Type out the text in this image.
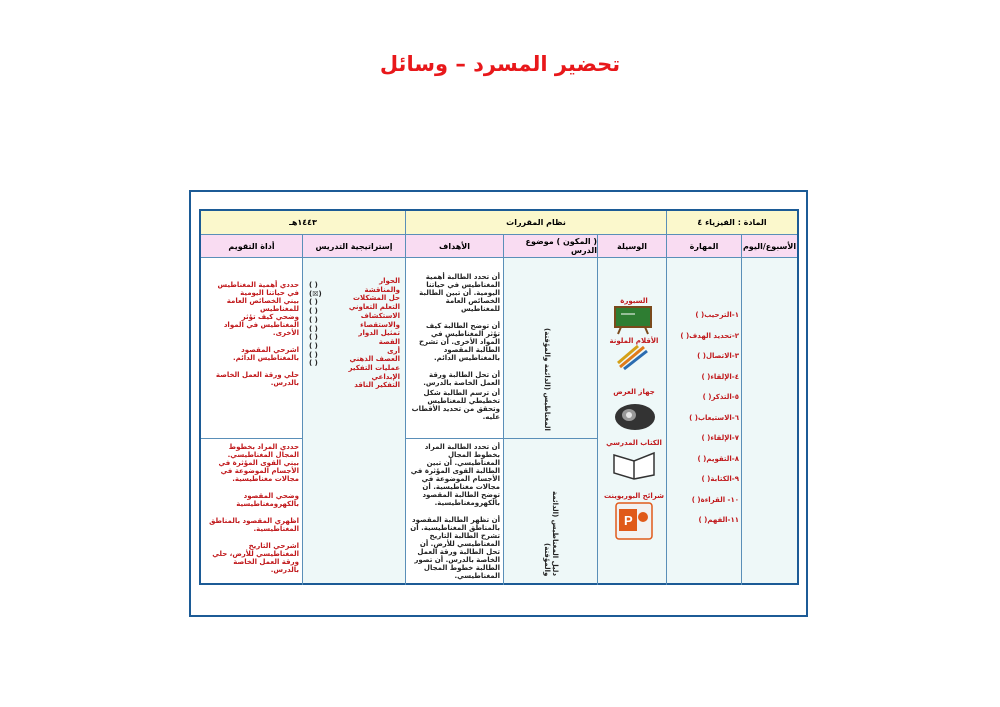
تحضير المسرد – وسائل
المادة : الفيزياء ٤
نظام المقررات
١٤٤٣هـ
الأسبوع/اليوم
المهارة
الوسيلة
( المكون ) موضوع الدرس
الأهداف
إستراتيجية التدريس
أداة التقويم
١-الترحيب( )
٢-تحديد الهدف( )
٣-الاتصال( )
٤-الإلقاء( )
٥-التذكر( )
٦-الاستيعاب( )
٧-الإلقاء( )
٨-التقويم( )
٩-الكتابة( )
١٠- القراءة( )
١١-الفهم( )
السبورة
الأقلام الملونة
جهاز العرض
الكتاب المدرسي
شرائح البوربوينت
P
المغناطيس (الدائمة والمؤقتة)
دليل المغناطيس (الدائمة والمؤقتة)

أن تحدد الطالبة أهمية المغناطيس في حياتنا اليومية. أن تبين الطالبة الخصائص العامة للمغناطيس

أن توضح الطالبة كيف تؤثر المغناطيس في المواد الأخرى. أن تشرح الطالبة المقصود بالمغناطيس الدائم.

أن تحل الطالبة ورقة العمل الخاصة بالدرس.

أن ترسم الطالبة شكل تخطيطي للمغناطيس وتحقق من تحديد الأقطاب عليه.

أن تحدد الطالبة المراد بخطوط المجال المغناطيسي. أن تبين الطالبة القوى المؤثرة في الأجسام الموضوعة في مجالات مغناطيسية. أن توضح الطالبة المقصود بالكهرومغناطيسية.

أن تظهر الطالبة المقصود بالمناطق المغناطيسية. أن تشرح الطالبة التاريخ المغناطيسي للأرض. أن تحل الطالبة ورقة العمل الخاصة بالدرس. أن تصور الطالبة خطوط المجال المغناطيسي.

الحوار والمناقشة
حل المشكلات
التعلم التعاوني
الاستكشاف
والاستقصاء
تمثيل الدوار
القصة
أرى
العصف الذهني
عمليات التفكير
الإبداعي
التفكير الناقد
( )
(☒)
( )
( )
( )
( )
( )
( )
( )
( )

حددي أهمية المغناطيس في حياتنا اليومية

بيني الخصائص العامة للمغناطيس

وضحي كيف تؤثر المغناطيس في المواد الأخرى.

اشرحي المقصود بالمغناطيس الدائم.

حلي ورقة العمل الخاصة بالدرس.

حددي المراد بخطوط المجال المغناطيسي.

بيني القوى المؤثرة في الأجسام الموضوعة في مجالات مغناطيسية.

وضحي المقصود بالكهرومغناطيسية

اظهري المقصود بالمناطق المغناطيسية.

اشرحي التاريخ المغناطيسي للأرض، حلي ورقة العمل الخاصة بالدرس.
